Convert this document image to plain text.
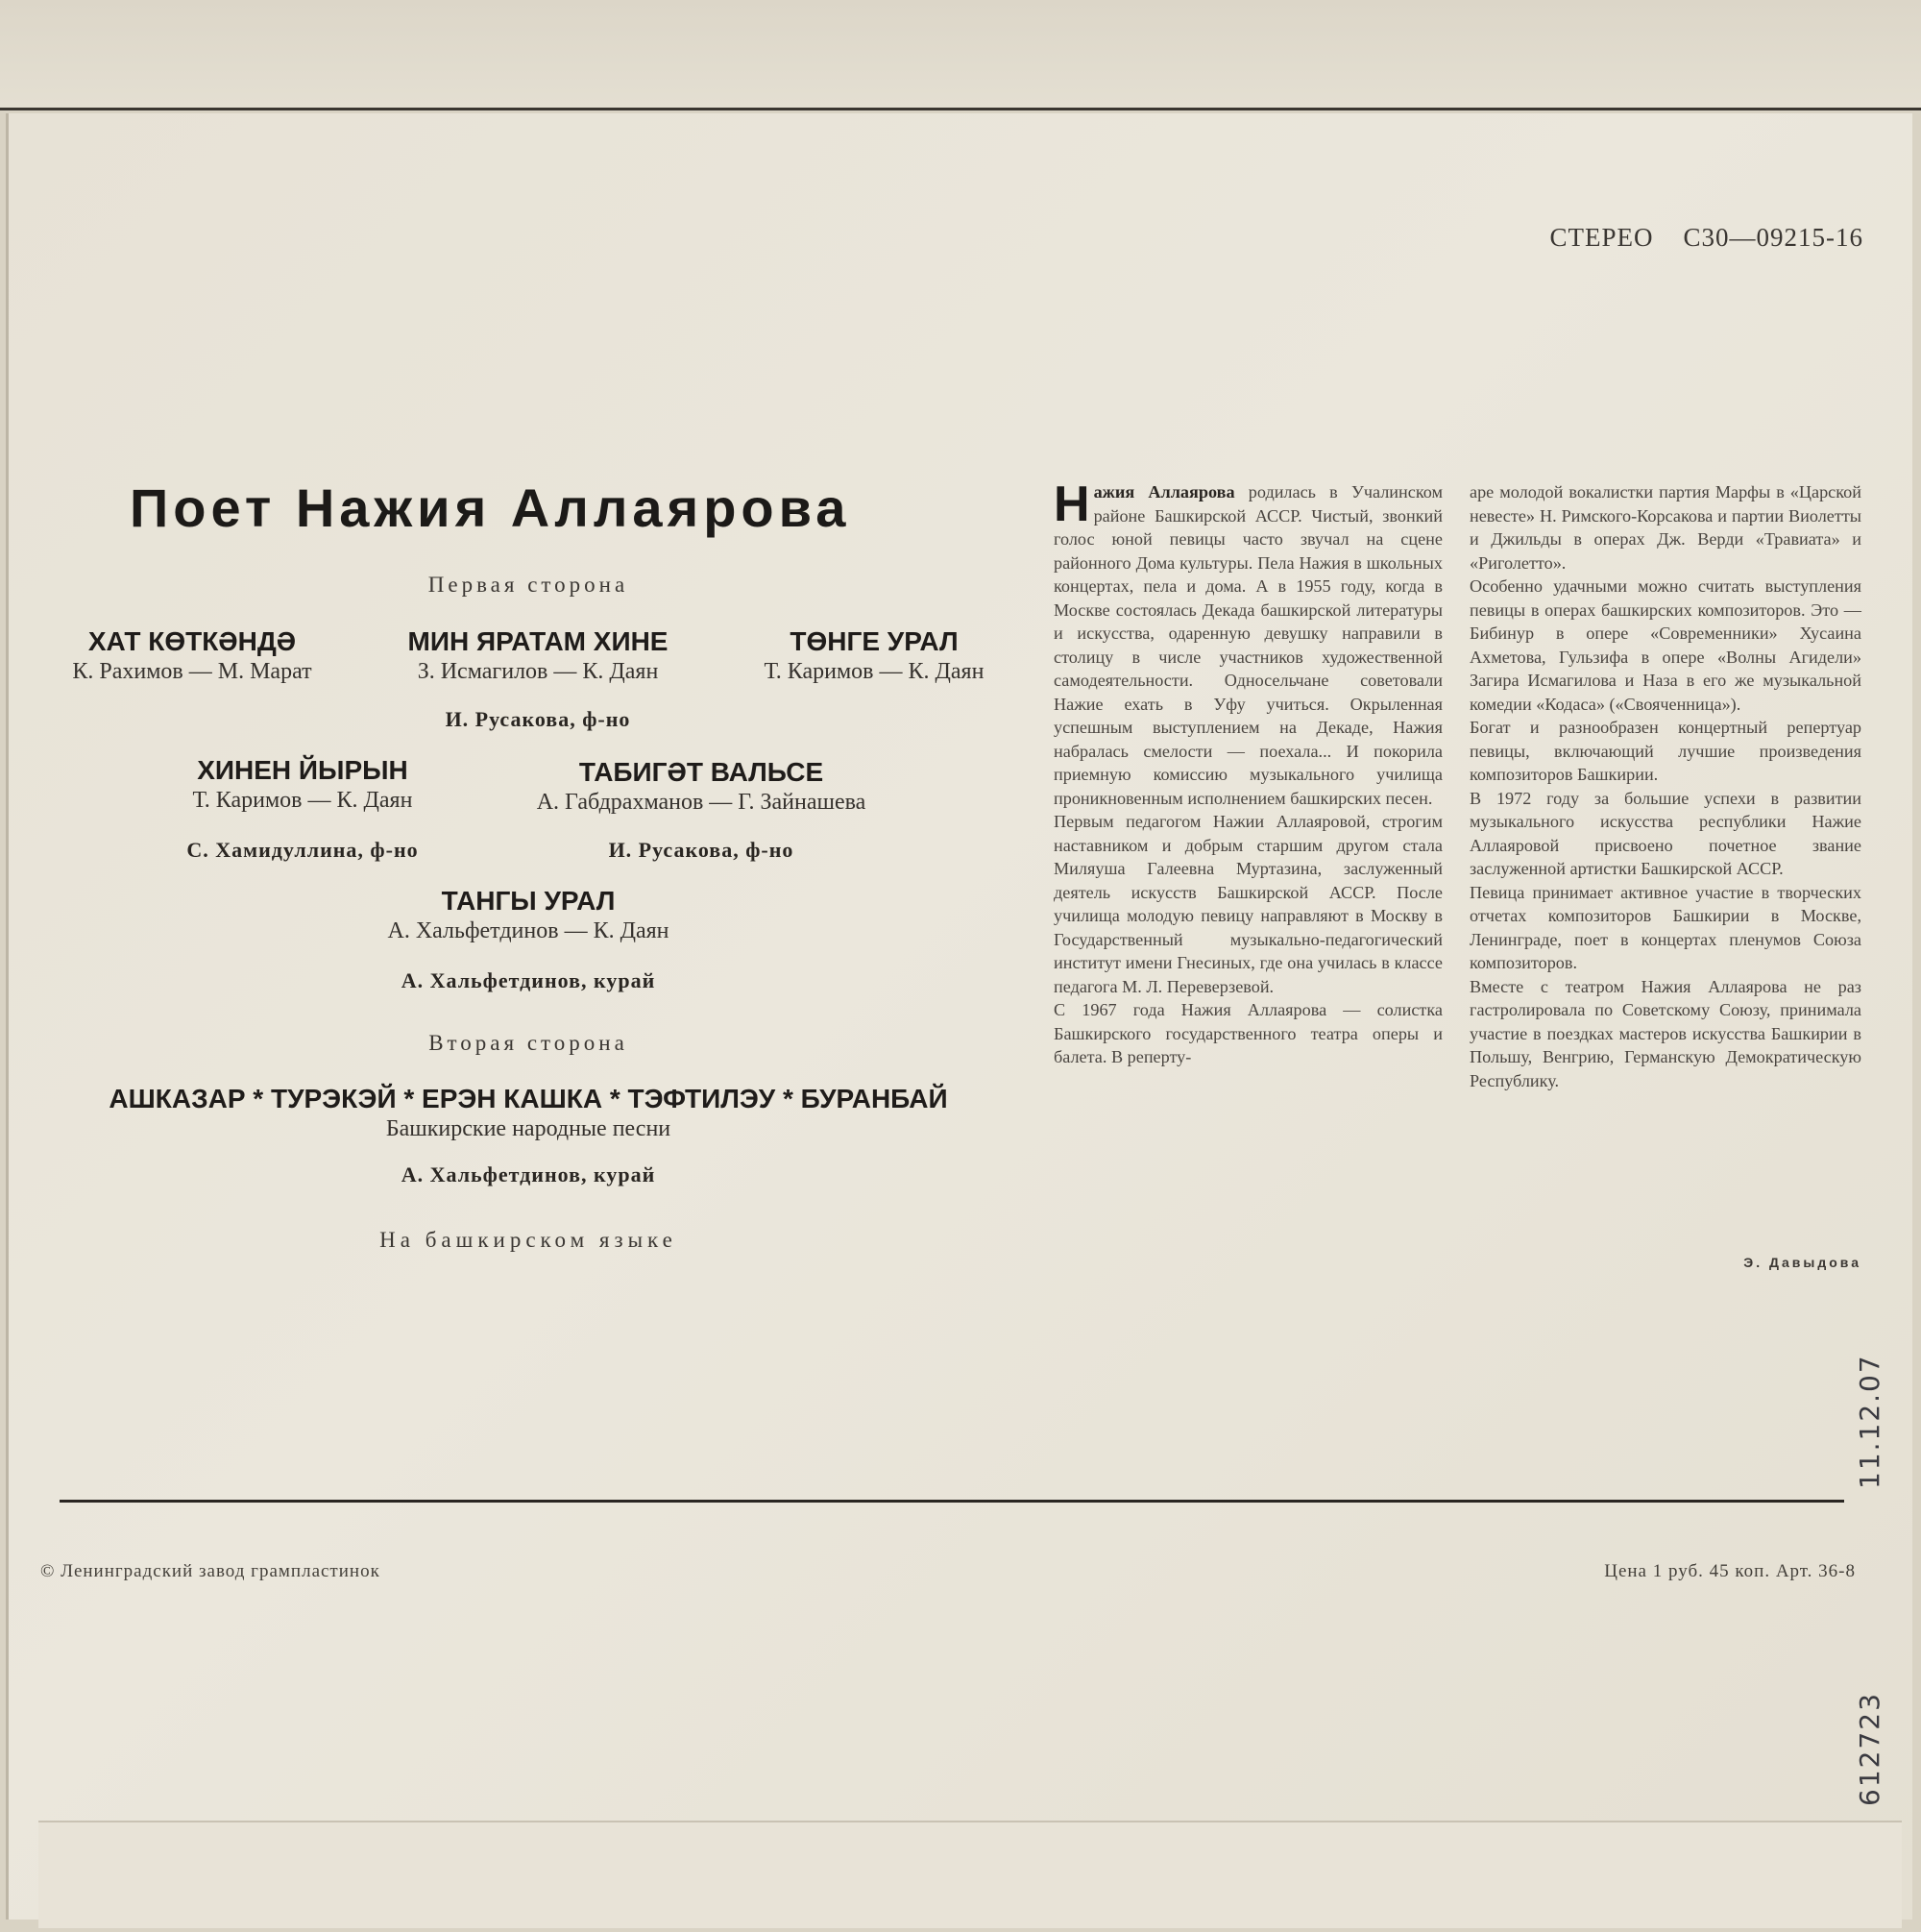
СТЕРЕО С30—09215-16
Поет Нажия Аллаярова
Первая сторона
ХАТ КӨТКӘНДӘ
К. Рахимов — М. Марат
МИН ЯРАТАМ ХИНЕ
З. Исмагилов — К. Даян
ТӨНГЕ УРАЛ
Т. Каримов — К. Даян
И. Русакова, ф-но
ХИНЕН ЙЫРЫН
Т. Каримов — К. Даян
ТАБИГӘТ ВАЛЬСЕ
А. Габдрахманов — Г. Зайнашева
С. Хамидуллина, ф-но	И. Русакова, ф-но
ТАНГЫ УРАЛ
А. Хальфетдинов — К. Даян
А. Хальфетдинов, курай
Вторая сторона
АШКАЗАР * ТУРЭКЭЙ * ЕРЭН КАШКА * ТЭФТИЛЭУ * БУРАНБАЙ
Башкирские народные песни
А. Хальфетдинов, курай
На башкирском языке

Нажия Аллаярова родилась в Учалинском районе Башкирской АССР. Чистый, звонкий голос юной певицы часто звучал на сцене районного Дома культуры. Пела Нажия в школьных концертах, пела и дома. А в 1955 году, когда в Москве состоялась Декада башкирской литературы и искусства, одаренную девушку направили в столицу в числе участников художественной самодеятельности. Односельчане советовали Нажие ехать в Уфу учиться. Окрыленная успешным выступлением на Декаде, Нажия набралась смелости — поехала... И покорила приемную комиссию музыкального училища проникновенным исполнением башкирских песен.

Первым педагогом Нажии Аллаяровой, строгим наставником и добрым старшим другом стала Миляуша Галеевна Муртазина, заслуженный деятель искусств Башкирской АССР. После училища молодую певицу направляют в Москву в Государственный музыкально-педагогический институт имени Гнесиных, где она училась в классе педагога М. Л. Переверзевой.

С 1967 года Нажия Аллаярова — солистка Башкирского государственного театра оперы и балета. В реперту-

аре молодой вокалистки партия Марфы в «Царской невесте» Н. Римского-Корсакова и партии Виолетты и Джильды в операх Дж. Верди «Травиата» и «Риголетто».

Особенно удачными можно считать выступления певицы в операх башкирских композиторов. Это — Бибинур в опере «Современники» Хусаина Ахметова, Гульзифа в опере «Волны Агидели» Загира Исмагилова и Наза в его же музыкальной комедии «Кодаса» («Свояченница»).

Богат и разнообразен концертный репертуар певицы, включающий лучшие произведения композиторов Башкирии.

В 1972 году за большие успехи в развитии музыкального искусства республики Нажие Аллаяровой присвоено почетное звание заслуженной артистки Башкирской АССР.

Певица принимает активное участие в творческих отчетах композиторов Башкирии в Москве, Ленинграде, поет в концертах пленумов Союза композиторов.

Вместе с театром Нажия Аллаярова не раз гастролировала по Советскому Союзу, принимала участие в поездках мастеров искусства Башкирии в Польшу, Венгрию, Германскую Демократическую Республику.

Э. Давыдова
© Ленинградский завод грампластинок	Цена 1 руб. 45 коп. Арт. 36-8
11.12.07
612723
